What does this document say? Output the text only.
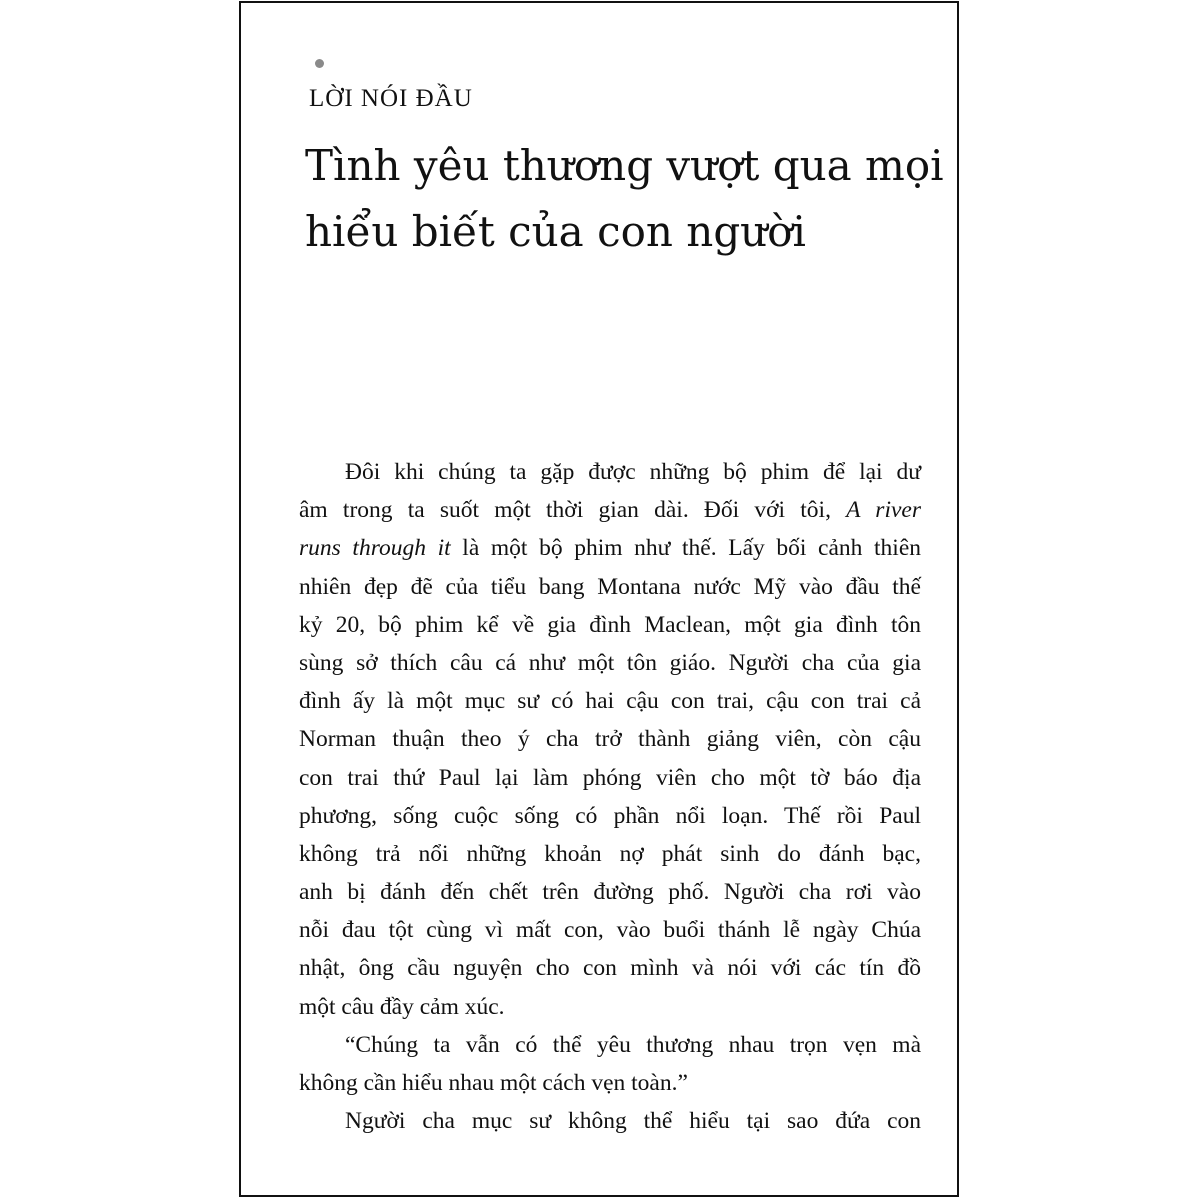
LỜI NÓI ĐẦU
Tình yêu thương vượt qua mọi
hiểu biết của con người
Đôi khi chúng ta gặp được những bộ phim để lại dư
âm trong ta suốt một thời gian dài. Đối với tôi, A river
runs through it là một bộ phim như thế. Lấy bối cảnh thiên
nhiên đẹp đẽ của tiểu bang Montana nước Mỹ vào đầu thế
kỷ 20, bộ phim kể về gia đình Maclean, một gia đình tôn
sùng sở thích câu cá như một tôn giáo. Người cha của gia
đình ấy là một mục sư có hai cậu con trai, cậu con trai cả
Norman thuận theo ý cha trở thành giảng viên, còn cậu
con trai thứ Paul lại làm phóng viên cho một tờ báo địa
phương, sống cuộc sống có phần nổi loạn. Thế rồi Paul
không trả nổi những khoản nợ phát sinh do đánh bạc,
anh bị đánh đến chết trên đường phố. Người cha rơi vào
nỗi đau tột cùng vì mất con, vào buổi thánh lễ ngày Chúa
nhật, ông cầu nguyện cho con mình và nói với các tín đồ
một câu đầy cảm xúc.
“Chúng ta vẫn có thể yêu thương nhau trọn vẹn mà
không cần hiểu nhau một cách vẹn toàn.”
Người cha mục sư không thể hiểu tại sao đứa con
